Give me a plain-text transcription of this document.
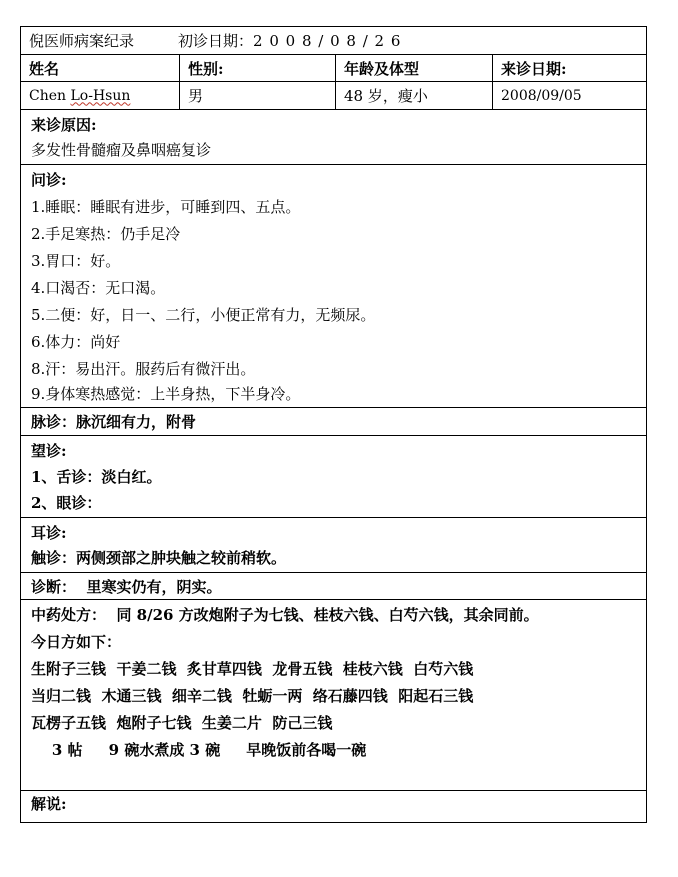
倪医师病案纪录	初诊日期： 2 0 0 8 / 0 8 / 2 6
姓名	性别:	年龄及体型	来诊日期:
Chen Lo-Hsun	男	48 岁，瘦小	2008/09/05
来诊原因:
多发性骨髓瘤及鼻咽癌复诊
问诊:
1.睡眠：睡眠有进步，可睡到四、五点。
2.手足寒热：仍手足冷
3.胃口：好。
4.口渴否：无口渴。
5.二便：好，日一、二行，小便正常有力，无频尿。
6.体力：尚好
8.汗：易出汗。服药后有微汗出。
9.身体寒热感觉：上半身热，下半身冷。
脉诊：脉沉细有力，附骨
望诊:
1、舌诊：淡白红。
2、眼诊：
耳诊:
触诊：两侧颈部之肿块触之较前稍软。
诊断：  里寒实仍有，阴实。
中药处方：  同 8/26 方改炮附子为七钱、桂枝六钱、白芍六钱，其余同前。
今日方如下：
生附子三钱  干姜二钱  炙甘草四钱  龙骨五钱  桂枝六钱  白芍六钱
当归二钱  木通三钱  细辛二钱  牡蛎一两  络石藤四钱  阳起石三钱
瓦楞子五钱  炮附子七钱  生姜二片  防己三钱
3 帖     9 碗水煮成 3 碗     早晚饭前各喝一碗
解说:
